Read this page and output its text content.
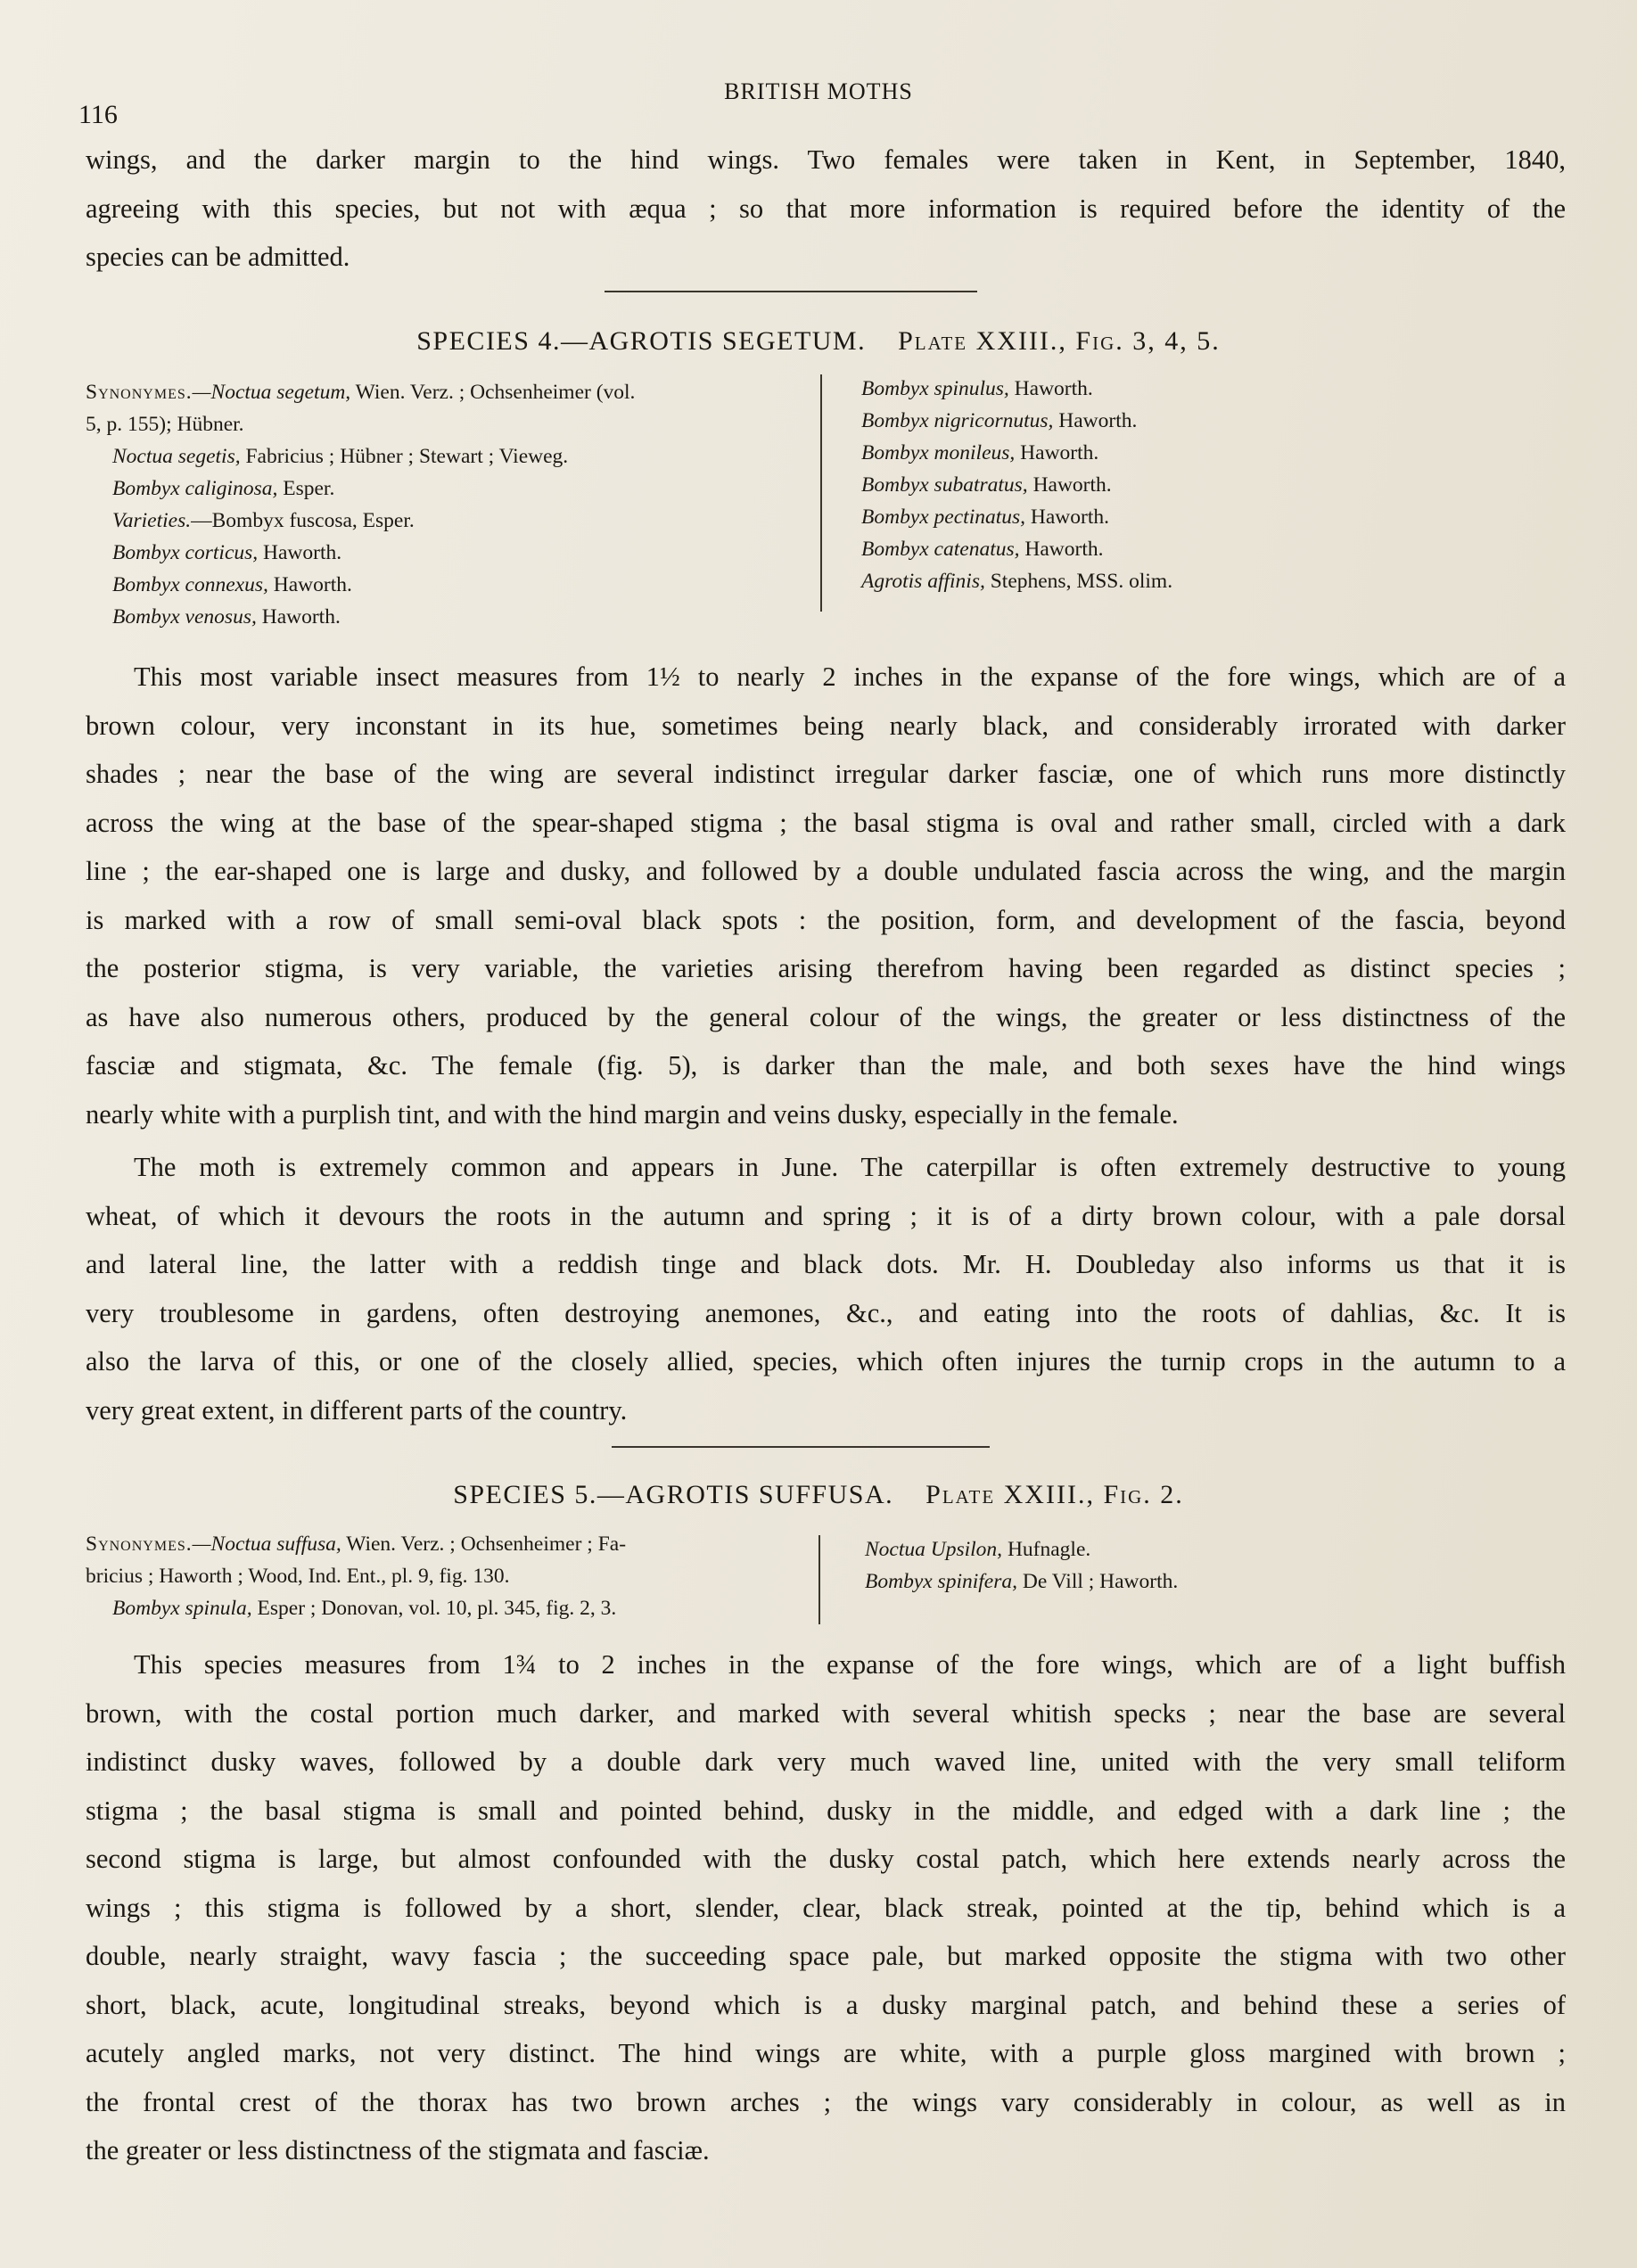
116
BRITISH MOTHS
wings, and the darker margin to the hind wings. Two females were taken in Kent, in September, 1840,
agreeing with this species, but not with æqua ; so that more information is required before the identity of the
species can be admitted.
SPECIES 4.—AGROTIS SEGETUM. Plate XXIII., Fig. 3, 4, 5.
Synonymes.—Noctua segetum, Wien. Verz. ; Ochsenheimer (vol.
5, p. 155); Hübner.
Noctua segetis, Fabricius ; Hübner ; Stewart ; Vieweg.
Bombyx caliginosa, Esper.
Varieties.—Bombyx fuscosa, Esper.
Bombyx corticus, Haworth.
Bombyx connexus, Haworth.
Bombyx venosus, Haworth.
Bombyx spinulus, Haworth.
Bombyx nigricornutus, Haworth.
Bombyx monileus, Haworth.
Bombyx subatratus, Haworth.
Bombyx pectinatus, Haworth.
Bombyx catenatus, Haworth.
Agrotis affinis, Stephens, MSS. olim.
This most variable insect measures from 1½ to nearly 2 inches in the expanse of the fore wings, which are of a
brown colour, very inconstant in its hue, sometimes being nearly black, and considerably irrorated with darker
shades ; near the base of the wing are several indistinct irregular darker fasciæ, one of which runs more distinctly
across the wing at the base of the spear-shaped stigma ; the basal stigma is oval and rather small, circled with a dark
line ; the ear-shaped one is large and dusky, and followed by a double undulated fascia across the wing, and the margin
is marked with a row of small semi-oval black spots : the position, form, and development of the fascia, beyond
the posterior stigma, is very variable, the varieties arising therefrom having been regarded as distinct species ;
as have also numerous others, produced by the general colour of the wings, the greater or less distinctness of the
fasciæ and stigmata, &c. The female (fig. 5), is darker than the male, and both sexes have the hind wings
nearly white with a purplish tint, and with the hind margin and veins dusky, especially in the female.
The moth is extremely common and appears in June. The caterpillar is often extremely destructive to young
wheat, of which it devours the roots in the autumn and spring ; it is of a dirty brown colour, with a pale dorsal
and lateral line, the latter with a reddish tinge and black dots. Mr. H. Doubleday also informs us that it is
very troublesome in gardens, often destroying anemones, &c., and eating into the roots of dahlias, &c. It is
also the larva of this, or one of the closely allied, species, which often injures the turnip crops in the autumn to a
very great extent, in different parts of the country.
SPECIES 5.—AGROTIS SUFFUSA. Plate XXIII., Fig. 2.
Synonymes.—Noctua suffusa, Wien. Verz. ; Ochsenheimer ; Fa-
bricius ; Haworth ; Wood, Ind. Ent., pl. 9, fig. 130.
Bombyx spinula, Esper ; Donovan, vol. 10, pl. 345, fig. 2, 3.
Noctua Upsilon, Hufnagle.
Bombyx spinifera, De Vill ; Haworth.
This species measures from 1¾ to 2 inches in the expanse of the fore wings, which are of a light buffish
brown, with the costal portion much darker, and marked with several whitish specks ; near the base are several
indistinct dusky waves, followed by a double dark very much waved line, united with the very small teliform
stigma ; the basal stigma is small and pointed behind, dusky in the middle, and edged with a dark line ; the
second stigma is large, but almost confounded with the dusky costal patch, which here extends nearly across the
wings ; this stigma is followed by a short, slender, clear, black streak, pointed at the tip, behind which is a
double, nearly straight, wavy fascia ; the succeeding space pale, but marked opposite the stigma with two other
short, black, acute, longitudinal streaks, beyond which is a dusky marginal patch, and behind these a series of
acutely angled marks, not very distinct. The hind wings are white, with a purple gloss margined with brown ;
the frontal crest of the thorax has two brown arches ; the wings vary considerably in colour, as well as in
the greater or less distinctness of the stigmata and fasciæ.
